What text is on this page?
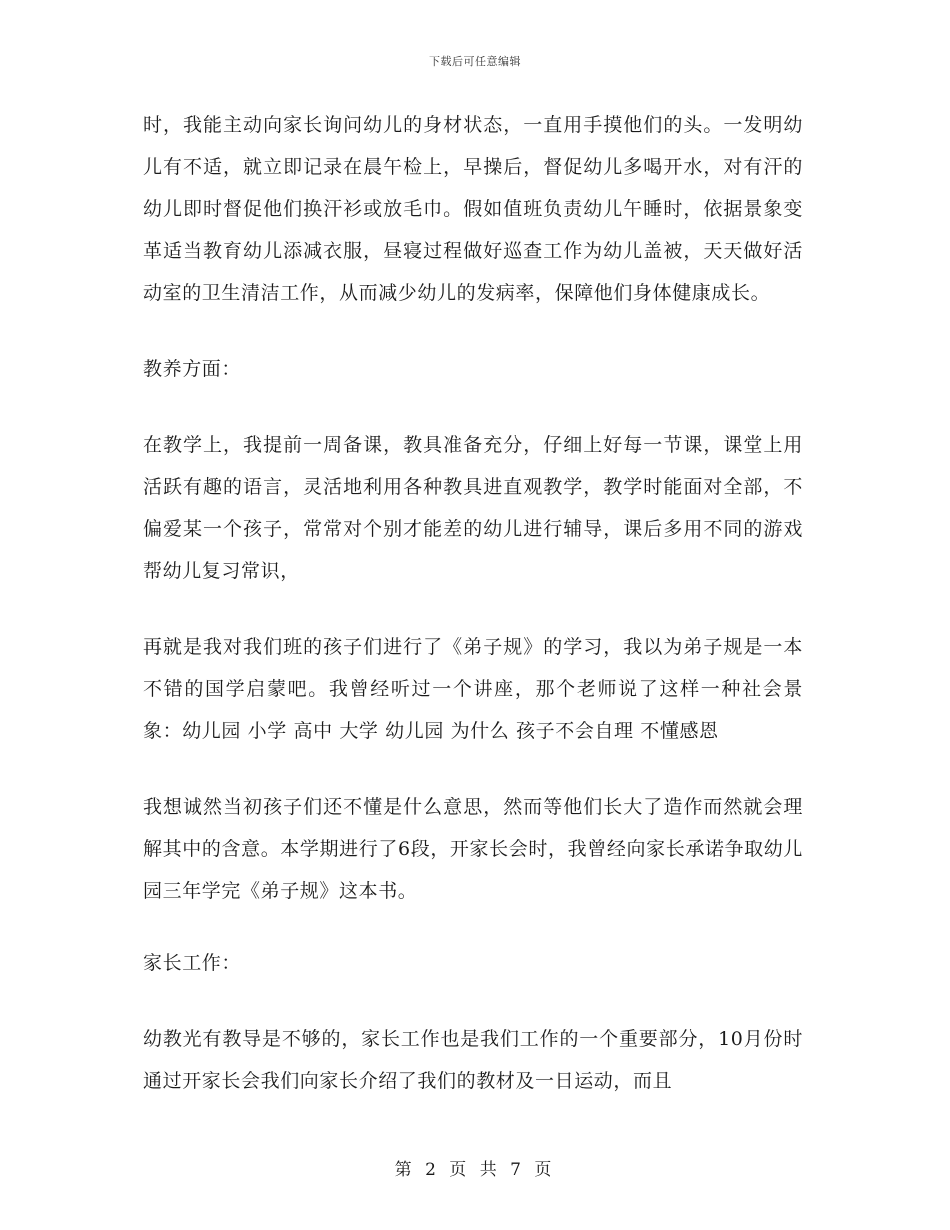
下载后可任意编辑

时，我能主动向家长询问幼儿的身材状态，一直用手摸他们的头。一发明幼儿有不适，就立即记录在晨午检上，早操后，督促幼儿多喝开水，对有汗的幼儿即时督促他们换汗衫或放毛巾。假如值班负责幼儿午睡时，依据景象变革适当教育幼儿添减衣服，昼寝过程做好巡查工作为幼儿盖被，天天做好活动室的卫生清洁工作，从而减少幼儿的发病率，保障他们身体健康成长。

教养方面：

在教学上，我提前一周备课，教具准备充分，仔细上好每一节课，课堂上用活跃有趣的语言，灵活地利用各种教具进直观教学，教学时能面对全部，不偏爱某一个孩子，常常对个别才能差的幼儿进行辅导，课后多用不同的游戏帮幼儿复习常识，

再就是我对我们班的孩子们进行了《弟子规》的学习，我以为弟子规是一本不错的国学启蒙吧。我曾经听过一个讲座，那个老师说了这样一种社会景象：幼儿园 小学 高中 大学 幼儿园 为什么 孩子不会自理 不懂感恩

我想诚然当初孩子们还不懂是什么意思，然而等他们长大了造作而然就会理解其中的含意。本学期进行了6段，开家长会时，我曾经向家长承诺争取幼儿园三年学完《弟子规》这本书。

家长工作：

幼教光有教导是不够的，家长工作也是我们工作的一个重要部分，10月份时通过开家长会我们向家长介绍了我们的教材及一日运动，而且

第 2 页 共 7 页
